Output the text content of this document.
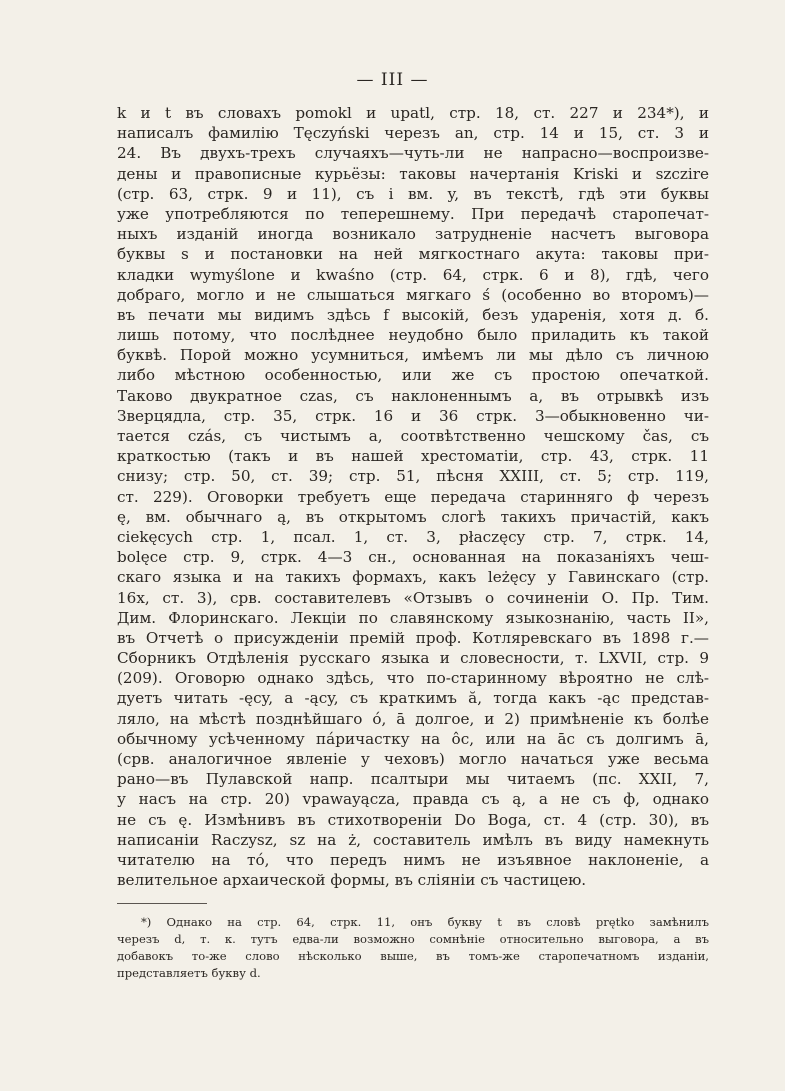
— III —
k и t въ словахъ pomokl и upatl, стр. 18, ст. 227 и 234*), и
написалъ фамилію Tęczyński черезъ an, стр. 14 и 15, ст. 3 и
24. Въ двухъ-трехъ случаяхъ—чуть-ли не напрасно—воспроизве-
дены и правописные курьёзы: таковы начертанія Kriski и szczire
(стр. 63, стрк. 9 и 11), съ i вм. y, въ текстѣ, гдѣ эти буквы
уже употребляются по теперешнему. При передачѣ старопечат-
ныхъ изданій иногда возникало затрудненіе насчетъ выговора
буквы s и постановки на ней мягкостнаго акута: таковы при-
кладки wymyślone и kwaśno (стр. 64, стрк. 6 и 8), гдѣ, чего
добраго, могло и не слышаться мягкаго ś (особенно во второмъ)—
въ печати мы видимъ здѣсь f высокій, безъ ударенія, хотя д. б.
лишь потому, что послѣднее неудобно было приладить къ такой
буквѣ. Порой можно усумниться, имѣемъ ли мы дѣло съ личною
либо мѣстною особенностью, или же съ простою опечаткой.
Таково двукратное czas, съ наклоненнымъ a, въ отрывкѣ изъ
Зверцядла, стр. 35, стрк. 16 и 36 стрк. 3—обыкновенно чи-
тается czás, съ чистымъ a, соотвѣтственно чешскому čas, съ
краткостью (такъ и въ нашей хрестоматіи, стр. 43, стрк. 11
снизу; стр. 50, ст. 39; стр. 51, пѣсня XXIII, ст. 5; стр. 119,
ст. 229). Оговорки требуетъ еще передача старинняго ф черезъ
ę, вм. обычнаго ą, въ открытомъ слогѣ такихъ причастій, какъ
ciekęcych стр. 1, псал. 1, ст. 3, płaczęcy стр. 7, стрк. 14,
bolęce стр. 9, стрк. 4—3 сн., основанная на показаніяхъ чеш-
скаго языка и на такихъ формахъ, какъ leżęcy у Гавинскаго (стр.
16х, ст. 3), срв. составителевъ «Отзывъ о сочиненіи О. Пр. Тим.
Дим. Флоринскаго. Лекціи по славянскому языкознанію, часть II»,
въ Отчетѣ о присужденіи премій проф. Котляревскаго въ 1898 г.—
Сборникъ Отдѣленія русскаго языка и словесности, т. LXVII, стр. 9
(209). Оговорю однако здѣсь, что по-старинному вѣроятно не слѣ-
дуетъ читать -ęcy, а -ący, съ краткимъ ă, тогда какъ -ąc представ-
ляло, на мѣстѣ позднѣйшаго ó, ā долгое, и 2) примѣненіе къ болѣе
обычному усѣченному па́ричастку на ôc, или на āc съ долгимъ ā,
(срв. аналогичное явленіе у чеховъ) могло начаться уже весьма
рано—въ Пулавской напр. псалтыри мы читаемъ (пс. XXII, 7,
у насъ на стр. 20) vpawayącza, правда съ ą, а не съ ф, однако
не съ ę. Измѣнивъ въ стихотвореніи Do Boga, ст. 4 (стр. 30), въ
написаніи Raczysz, sz на ż, составитель имѣлъ въ виду намекнуть
читателю на тó, что передъ нимъ не изъявное наклоненіе, а
велительное архаической формы, въ сліяніи съ частицею.
*) Однако на стр. 64, стрк. 11, онъ букву t въ словѣ prętko замѣнилъ
черезъ d, т. к. тутъ едва-ли возможно сомнѣніе относительно выговора, а въ
добавокъ то-же слово нѣсколько выше, въ томъ-же старопечатномъ изданіи,
представляетъ букву d.
